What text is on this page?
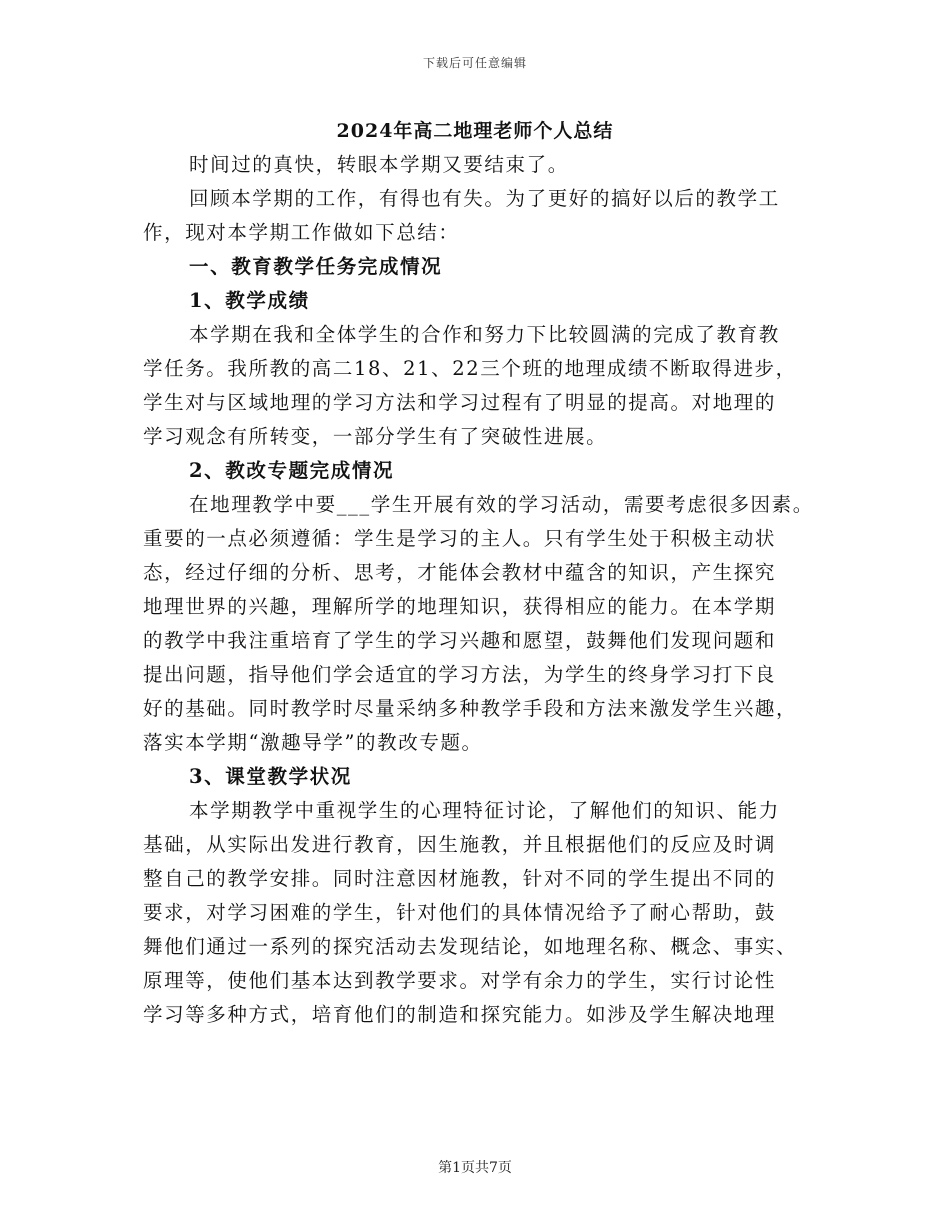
下载后可任意编辑
2024年高二地理老师个人总结
时间过的真快，转眼本学期又要结束了。
回顾本学期的工作，有得也有失。为了更好的搞好以后的教学工
作，现对本学期工作做如下总结：
一、教育教学任务完成情况
1、教学成绩
本学期在我和全体学生的合作和努力下比较圆满的完成了教育教
学任务。我所教的高二18、21、22三个班的地理成绩不断取得进步，
学生对与区域地理的学习方法和学习过程有了明显的提高。对地理的
学习观念有所转变，一部分学生有了突破性进展。
2、教改专题完成情况
在地理教学中要___学生开展有效的学习活动，需要考虑很多因素。
重要的一点必须遵循：学生是学习的主人。只有学生处于积极主动状
态，经过仔细的分析、思考，才能体会教材中蕴含的知识，产生探究
地理世界的兴趣，理解所学的地理知识，获得相应的能力。在本学期
的教学中我注重培育了学生的学习兴趣和愿望，鼓舞他们发现问题和
提出问题，指导他们学会适宜的学习方法，为学生的终身学习打下良
好的基础。同时教学时尽量采纳多种教学手段和方法来激发学生兴趣，
落实本学期“激趣导学”的教改专题。
3、课堂教学状况
本学期教学中重视学生的心理特征讨论，了解他们的知识、能力
基础，从实际出发进行教育，因生施教，并且根据他们的反应及时调
整自己的教学安排。同时注意因材施教，针对不同的学生提出不同的
要求，对学习困难的学生，针对他们的具体情况给予了耐心帮助，鼓
舞他们通过一系列的探究活动去发现结论，如地理名称、概念、事实、
原理等，使他们基本达到教学要求。对学有余力的学生，实行讨论性
学习等多种方式，培育他们的制造和探究能力。如涉及学生解决地理
第1页共7页
